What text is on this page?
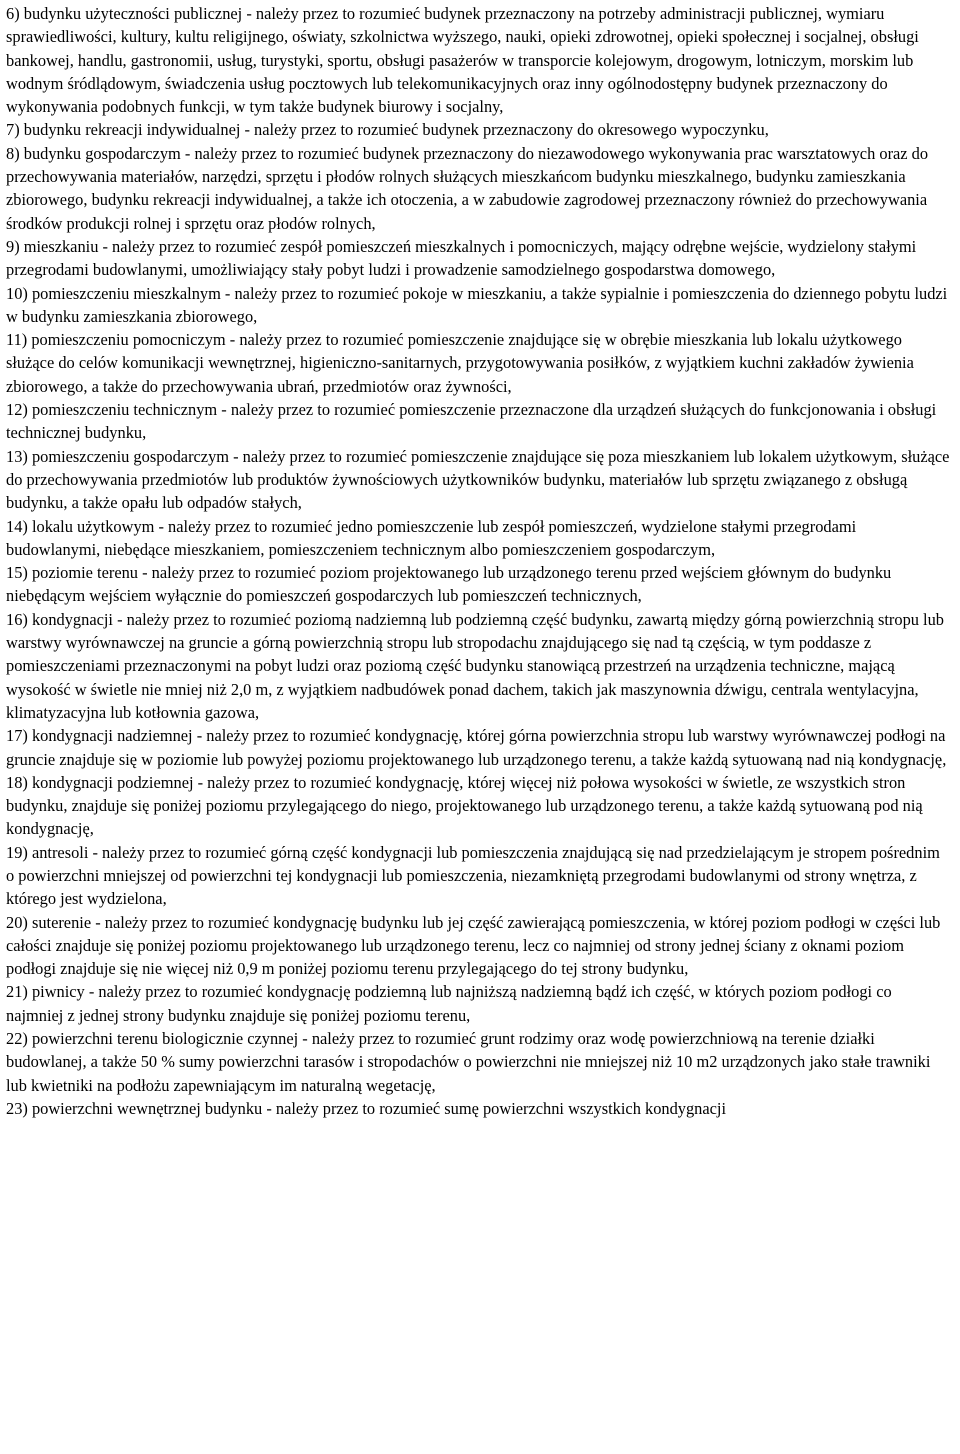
6) budynku użyteczności publicznej - należy przez to rozumieć budynek przeznaczony na potrzeby administracji publicznej, wymiaru sprawiedliwości, kultury, kultu religijnego, oświaty, szkolnictwa wyższego, nauki, opieki zdrowotnej, opieki społecznej i socjalnej, obsługi bankowej, handlu, gastronomii, usług, turystyki, sportu, obsługi pasażerów w transporcie kolejowym, drogowym, lotniczym, morskim lub wodnym śródlądowym, świadczenia usług pocztowych lub telekomunikacyjnych oraz inny ogólnodostępny budynek przeznaczony do wykonywania podobnych funkcji, w tym także budynek biurowy i socjalny,

7) budynku rekreacji indywidualnej - należy przez to rozumieć budynek przeznaczony do okresowego wypoczynku,

8) budynku gospodarczym - należy przez to rozumieć budynek przeznaczony do niezawodowego wykonywania prac warsztatowych oraz do przechowywania materiałów, narzędzi, sprzętu i płodów rolnych służących mieszkańcom budynku mieszkalnego, budynku zamieszkania zbiorowego, budynku rekreacji indywidualnej, a także ich otoczenia, a w zabudowie zagrodowej przeznaczony również do przechowywania środków produkcji rolnej i sprzętu oraz płodów rolnych,

9) mieszkaniu - należy przez to rozumieć zespół pomieszczeń mieszkalnych i pomocniczych, mający odrębne wejście, wydzielony stałymi przegrodami budowlanymi, umożliwiający stały pobyt ludzi i prowadzenie samodzielnego gospodarstwa domowego,

10) pomieszczeniu mieszkalnym - należy przez to rozumieć pokoje w mieszkaniu, a także sypialnie i pomieszczenia do dziennego pobytu ludzi w budynku zamieszkania zbiorowego,

11) pomieszczeniu pomocniczym - należy przez to rozumieć pomieszczenie znajdujące się w obrębie mieszkania lub lokalu użytkowego służące do celów komunikacji wewnętrznej, higieniczno-sanitarnych, przygotowywania posiłków, z wyjątkiem kuchni zakładów żywienia zbiorowego, a także do przechowywania ubrań, przedmiotów oraz żywności,

12) pomieszczeniu technicznym - należy przez to rozumieć pomieszczenie przeznaczone dla urządzeń służących do funkcjonowania i obsługi technicznej budynku,

13) pomieszczeniu gospodarczym - należy przez to rozumieć pomieszczenie znajdujące się poza mieszkaniem lub lokalem użytkowym, służące do przechowywania przedmiotów lub produktów żywnościowych użytkowników budynku, materiałów lub sprzętu związanego z obsługą budynku, a także opału lub odpadów stałych,

14) lokalu użytkowym - należy przez to rozumieć jedno pomieszczenie lub zespół pomieszczeń, wydzielone stałymi przegrodami budowlanymi, niebędące mieszkaniem, pomieszczeniem technicznym albo pomieszczeniem gospodarczym,

15) poziomie terenu - należy przez to rozumieć poziom projektowanego lub urządzonego terenu przed wejściem głównym do budynku niebędącym wejściem wyłącznie do pomieszczeń gospodarczych lub pomieszczeń technicznych,

16) kondygnacji - należy przez to rozumieć poziomą nadziemną lub podziemną część budynku, zawartą między górną powierzchnią stropu lub warstwy wyrównawczej na gruncie a górną powierzchnią stropu lub stropodachu znajdującego się nad tą częścią, w tym poddasze z pomieszczeniami przeznaczonymi na pobyt ludzi oraz poziomą część budynku stanowiącą przestrzeń na urządzenia techniczne, mającą wysokość w świetle nie mniej niż 2,0 m, z wyjątkiem nadbudówek ponad dachem, takich jak maszynownia dźwigu, centrala wentylacyjna, klimatyzacyjna lub kotłownia gazowa,

17) kondygnacji nadziemnej - należy przez to rozumieć kondygnację, której górna powierzchnia stropu lub warstwy wyrównawczej podłogi na gruncie znajduje się w poziomie lub powyżej poziomu projektowanego lub urządzonego terenu, a także każdą sytuowaną nad nią kondygnację,

18) kondygnacji podziemnej - należy przez to rozumieć kondygnację, której więcej niż połowa wysokości w świetle, ze wszystkich stron budynku, znajduje się poniżej poziomu przylegającego do niego, projektowanego lub urządzonego terenu, a także każdą sytuowaną pod nią kondygnację,

19) antresoli - należy przez to rozumieć górną część kondygnacji lub pomieszczenia znajdującą się nad przedzielającym je stropem pośrednim o powierzchni mniejszej od powierzchni tej kondygnacji lub pomieszczenia, niezamkniętą przegrodami budowlanymi od strony wnętrza, z którego jest wydzielona,

20) suterenie - należy przez to rozumieć kondygnację budynku lub jej część zawierającą pomieszczenia, w której poziom podłogi w części lub całości znajduje się poniżej poziomu projektowanego lub urządzonego terenu, lecz co najmniej od strony jednej ściany z oknami poziom podłogi znajduje się nie więcej niż 0,9 m poniżej poziomu terenu przylegającego do tej strony budynku,

21) piwnicy - należy przez to rozumieć kondygnację podziemną lub najniższą nadziemną bądź ich część, w których poziom podłogi co najmniej z jednej strony budynku znajduje się poniżej poziomu terenu,

22) powierzchni terenu biologicznie czynnej - należy przez to rozumieć grunt rodzimy oraz wodę powierzchniową na terenie działki budowlanej, a także 50 % sumy powierzchni tarasów i stropodachów o powierzchni nie mniejszej niż 10 m2 urządzonych jako stałe trawniki lub kwietniki na podłożu zapewniającym im naturalną wegetację,

23) powierzchni wewnętrznej budynku - należy przez to rozumieć sumę powierzchni wszystkich kondygnacji
